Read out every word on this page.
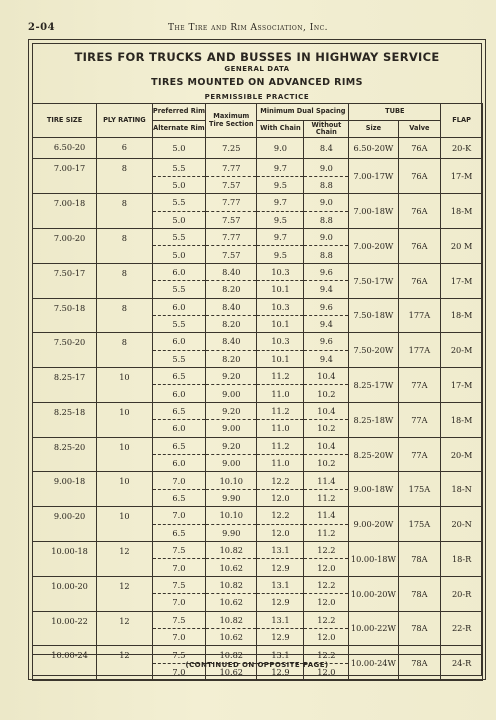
2-04	The Tire and Rim Association, Inc.
TIRES FOR TRUCKS AND BUSSES IN HIGHWAY SERVICE
GENERAL DATA
TIRES MOUNTED ON ADVANCED RIMS
PERMISSIBLE PRACTICE
TIRE SIZE	PLY RATING	Preferred Rim	Maximum Tire Section	Minimum Dual Spacing		TUBE		FLAP
		Alternate Rim		With Chain	Without Chain	Size	Valve	
6.50-20	6	5.0	7.25	9.0	8.4	6.50-20W	76A	20-K
7.00-17	8	5.5	7.77	9.7	9.0	7.00-17W	76A	17-M
		5.0	7.57	9.5	8.8			
7.00-18	8	5.5	7.77	9.7	9.0	7.00-18W	76A	18-M
		5.0	7.57	9.5	8.8			
7.00-20	8	5.5	7.77	9.7	9.0	7.00-20W	76A	20 M
		5.0	7.57	9.5	8.8			
7.50-17	8	6.0	8.40	10.3	9.6	7.50-17W	76A	17-M
		5.5	8.20	10.1	9.4			
7.50-18	8	6.0	8.40	10.3	9.6	7.50-18W	177A	18-M
		5.5	8.20	10.1	9.4			
7.50-20	8	6.0	8.40	10.3	9.6	7.50-20W	177A	20-M
		5.5	8.20	10.1	9.4			
8.25-17	10	6.5	9.20	11.2	10.4	8.25-17W	77A	17-M
		6.0	9.00	11.0	10.2			
8.25-18	10	6.5	9.20	11.2	10.4	8.25-18W	77A	18-M
		6.0	9.00	11.0	10.2			
8.25-20	10	6.5	9.20	11.2	10.4	8.25-20W	77A	20-M
		6.0	9.00	11.0	10.2			
9.00-18	10	7.0	10.10	12.2	11.4	9.00-18W	175A	18-N
		6.5	9.90	12.0	11.2			
9.00-20	10	7.0	10.10	12.2	11.4	9.00-20W	175A	20-N
		6.5	9.90	12.0	11.2			
10.00-18	12	7.5	10.82	13.1	12.2	10.00-18W	78A	18-R
		7.0	10.62	12.9	12.0			
10.00-20	12	7.5	10.82	13.1	12.2	10.00-20W	78A	20-R
		7.0	10.62	12.9	12.0			
10.00-22	12	7.5	10.82	13.1	12.2	10.00-22W	78A	22-R
		7.0	10.62	12.9	12.0			
10.00-24	12	7.5	10.82	13.1	12.2	10.00-24W	78A	24-R
		7.0	10.62	12.9	12.0			
(CONTINUED ON OPPOSITE PAGE)
